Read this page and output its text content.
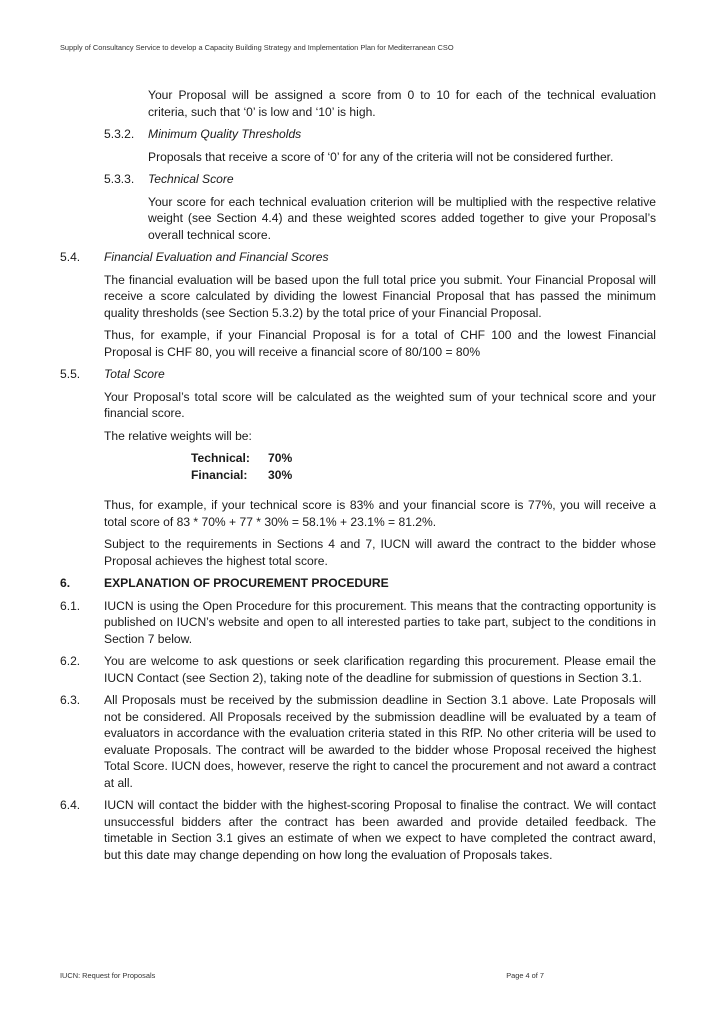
Supply of Consultancy Service to develop a Capacity Building Strategy and Implementation Plan for Mediterranean CSO

Your Proposal will be assigned a score from 0 to 10 for each of the technical evaluation criteria, such that ‘0’ is low and ‘10’ is high.

5.3.2.	Minimum Quality Thresholds

Proposals that receive a score of ‘0’ for any of the criteria will not be considered further.

5.3.3.	Technical Score

Your score for each technical evaluation criterion will be multiplied with the respective relative weight (see Section 4.4) and these weighted scores added together to give your Proposal’s overall technical score.

5.4.	Financial Evaluation and Financial Scores

The financial evaluation will be based upon the full total price you submit. Your Financial Proposal will receive a score calculated by dividing the lowest Financial Proposal that has passed the minimum quality thresholds (see Section 5.3.2) by the total price of your Financial Proposal.

Thus, for example, if your Financial Proposal is for a total of CHF 100 and the lowest Financial Proposal is CHF 80, you will receive a financial score of 80/100 = 80%

5.5.	Total Score

Your Proposal’s total score will be calculated as the weighted sum of your technical score and your financial score.

The relative weights will be:

Technical:	70%
Financial:	30%

Thus, for example, if your technical score is 83% and your financial score is 77%, you will receive a total score of 83 * 70% + 77 * 30% = 58.1% + 23.1% = 81.2%.

Subject to the requirements in Sections 4 and 7, IUCN will award the contract to the bidder whose Proposal achieves the highest total score.

6.	EXPLANATION OF PROCUREMENT PROCEDURE
6.1.	IUCN is using the Open Procedure for this procurement. This means that the contracting opportunity is published on IUCN’s website and open to all interested parties to take part, subject to the conditions in Section 7 below.

6.2.	You are welcome to ask questions or seek clarification regarding this procurement. Please email the IUCN Contact (see Section 2), taking note of the deadline for submission of questions in Section 3.1.

6.3.	All Proposals must be received by the submission deadline in Section 3.1 above. Late Proposals will not be considered. All Proposals received by the submission deadline will be evaluated by a team of evaluators in accordance with the evaluation criteria stated in this RfP. No other criteria will be used to evaluate Proposals. The contract will be awarded to the bidder whose Proposal received the highest Total Score. IUCN does, however, reserve the right to cancel the procurement and not award a contract at all.

6.4.	IUCN will contact the bidder with the highest-scoring Proposal to finalise the contract. We will contact unsuccessful bidders after the contract has been awarded and provide detailed feedback. The timetable in Section 3.1 gives an estimate of when we expect to have completed the contract award, but this date may change depending on how long the evaluation of Proposals takes.

IUCN: Request for Proposals	Page 4 of 7
